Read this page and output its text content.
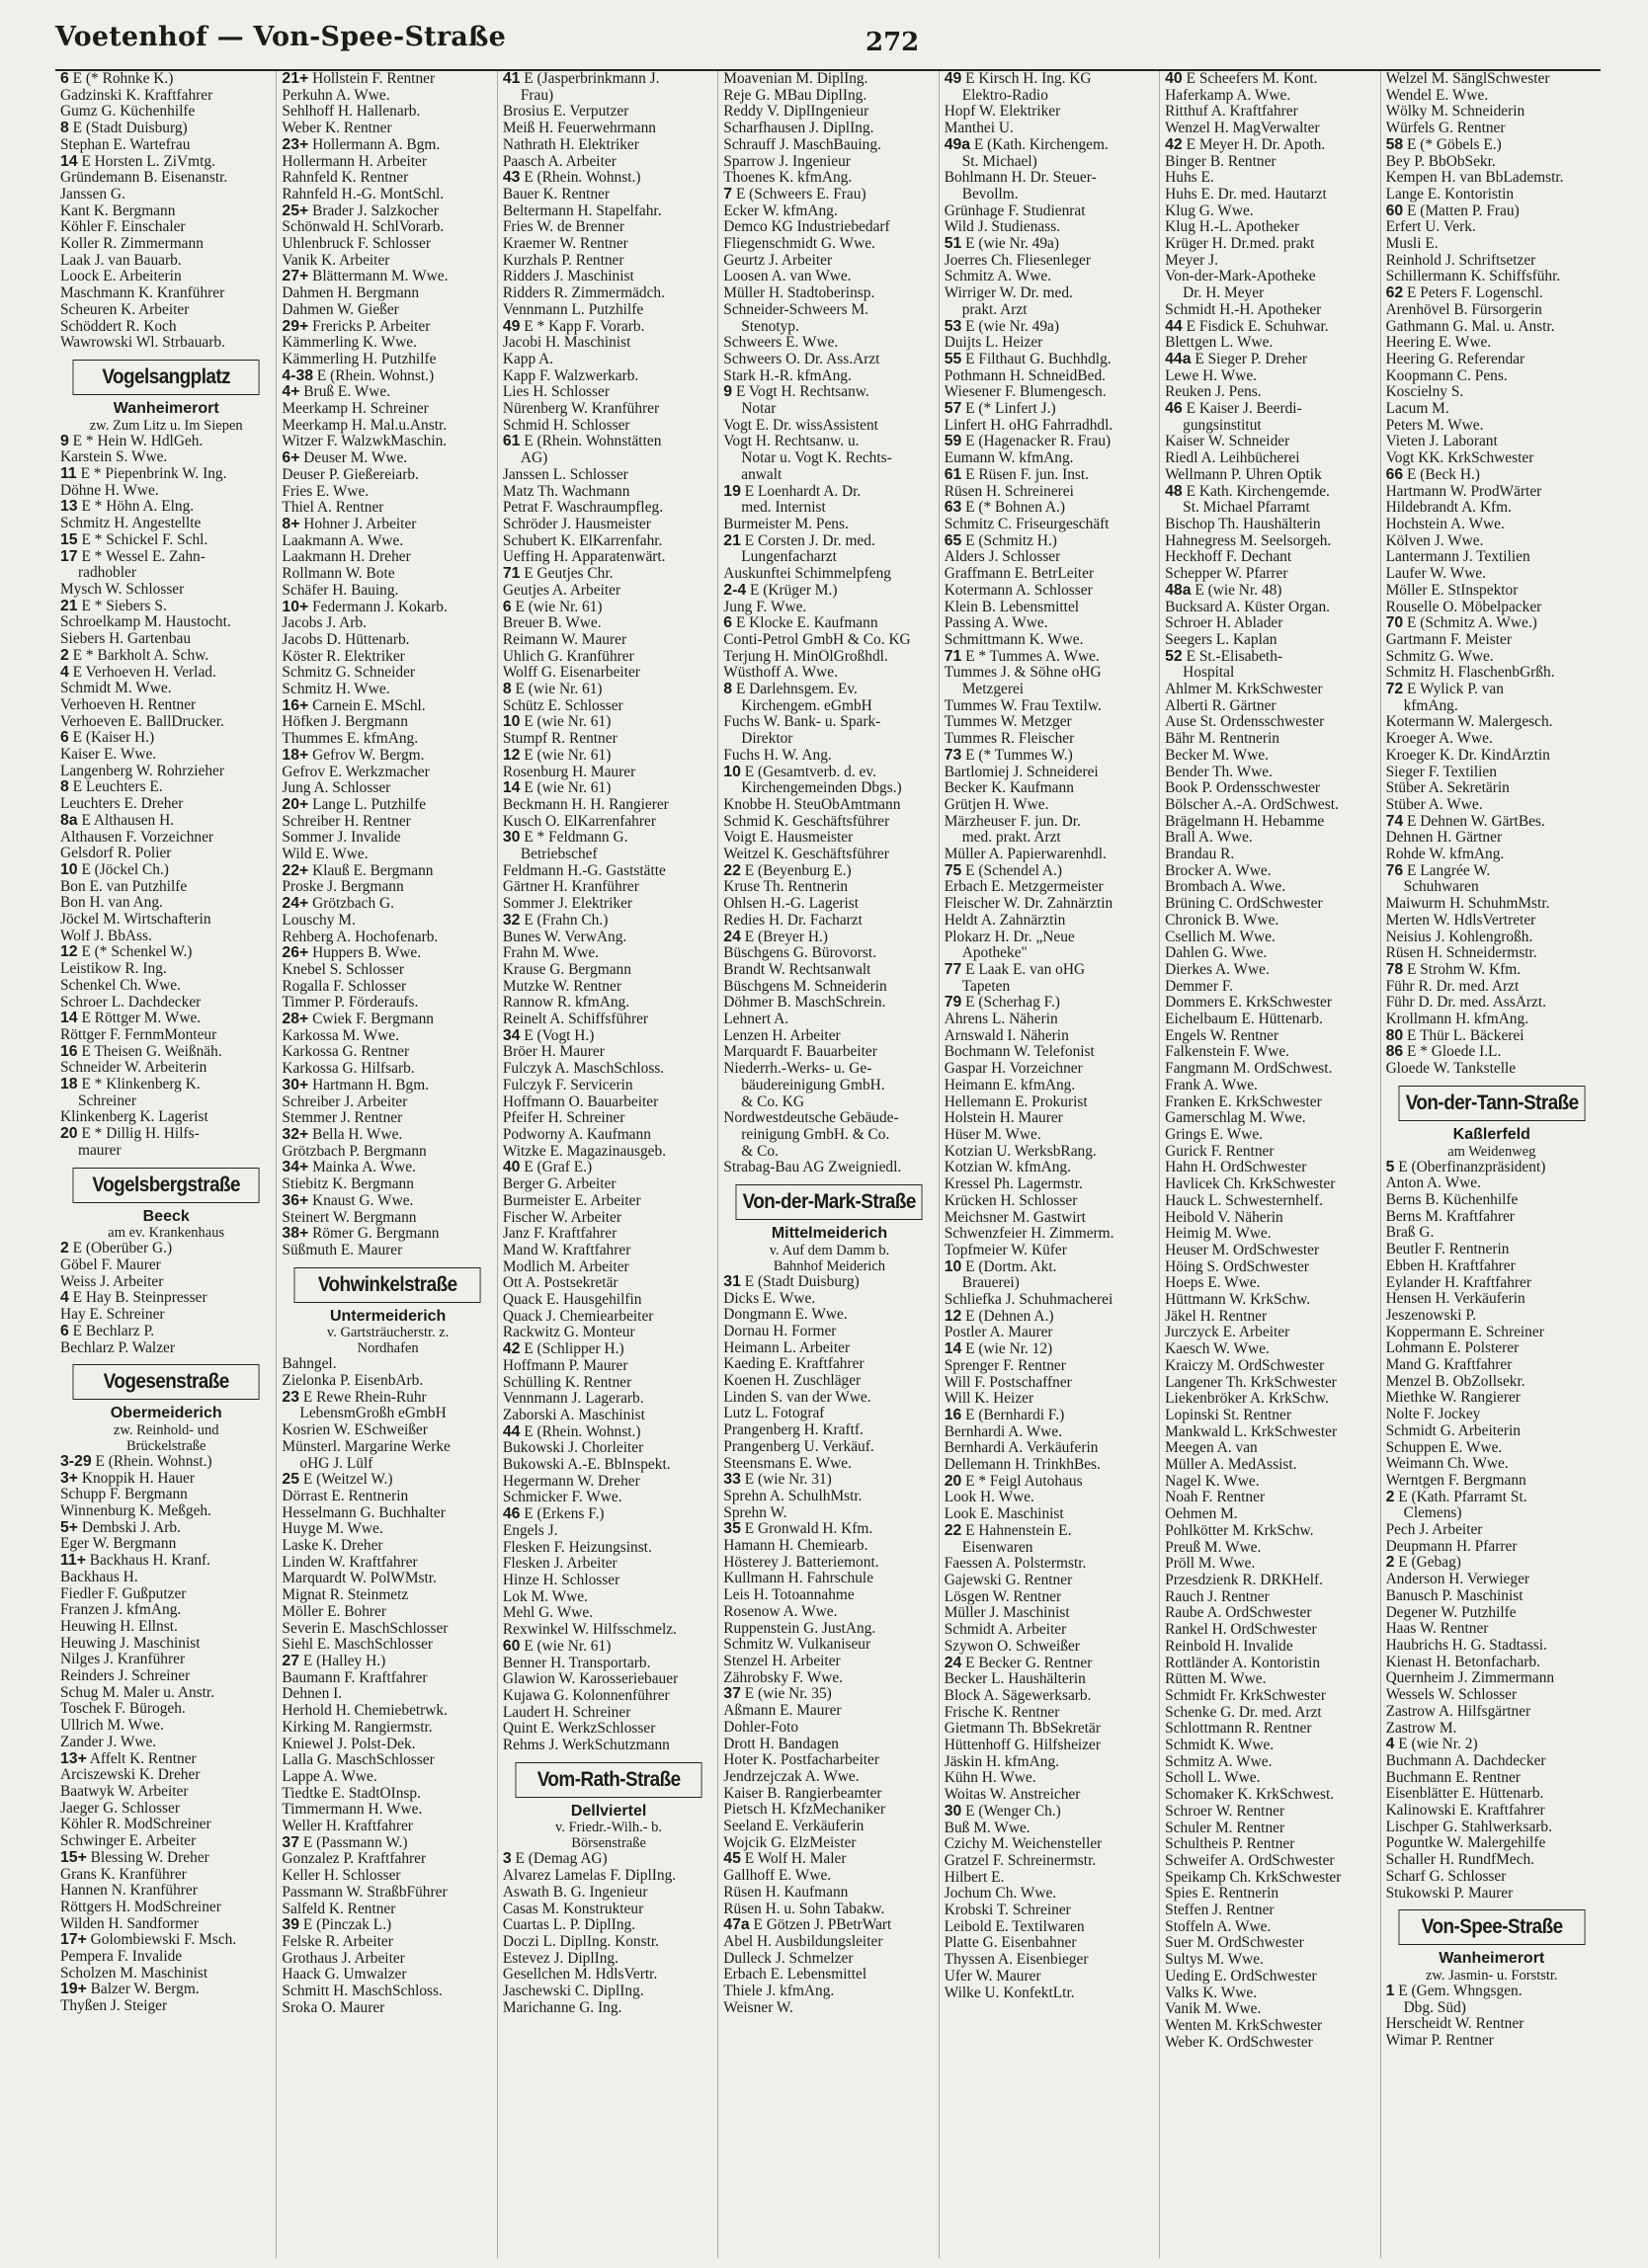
Voetenhof — Von-Spee-Straße	272
6 E (* Rohnke K.)
Gadzinski K. Kraftfahrer
Gumz G. Küchenhilfe
8 E (Stadt Duisburg)
Stephan E. Wartefrau
14 E Horsten L. ZiVmtg.
Gründemann B. Eisenanstr.
Janssen G.
Kant K. Bergmann
Köhler F. Einschaler
Koller R. Zimmermann
Laak J. van Bauarb.
Loock E. Arbeiterin
Maschmann K. Kranführer
Scheuren K. Arbeiter
Schöddert R. Koch
Wawrowski Wl. Strbauarb.
Vogelsangplatz
Wanheimerort
zw. Zum Litz u. Im Siepen
9 E * Hein W. HdlGeh.
Karstein S. Wwe.
11 E * Piepenbrink W. Ing.
Döhne H. Wwe.
13 E * Höhn A. Elng.
Schmitz H. Angestellte
15 E * Schickel F. Schl.
17 E * Wessel E. Zahn-
radhobler
Mysch W. Schlosser
21 E * Siebers S.
Schroelkamp M. Haustocht.
Siebers H. Gartenbau
2 E * Barkholt A. Schw.
4 E Verhoeven H. Verlad.
Schmidt M. Wwe.
Verhoeven H. Rentner
Verhoeven E. BallDrucker.
6 E (Kaiser H.)
Kaiser E. Wwe.
Langenberg W. Rohrzieher
8 E Leuchters E.
Leuchters E. Dreher
8a E Althausen H.
Althausen F. Vorzeichner
Gelsdorf R. Polier
10 E (Jöckel Ch.)
Bon E. van Putzhilfe
Bon H. van Ang.
Jöckel M. Wirtschafterin
Wolf J. BbAss.
12 E (* Schenkel W.)
Leistikow R. Ing.
Schenkel Ch. Wwe.
Schroer L. Dachdecker
14 E Röttger M. Wwe.
Röttger F. FernmMonteur
16 E Theisen G. Weißnäh.
Schneider W. Arbeiterin
18 E * Klinkenberg K.
Schreiner
Klinkenberg K. Lagerist
20 E * Dillig H. Hilfs-
maurer
Vogelsbergstraße
Beeck
am ev. Krankenhaus
2 E (Oberüber G.)
Göbel F. Maurer
Weiss J. Arbeiter
4 E Hay B. Steinpresser
Hay E. Schreiner
6 E Bechlarz P.
Bechlarz P. Walzer
Vogesenstraße
Obermeiderich
zw. Reinhold- und
Brückelstraße
3-29 E (Rhein. Wohnst.)
3+ Knoppik H. Hauer
Schupp F. Bergmann
Winnenburg K. Meßgeh.
5+ Dembski J. Arb.
Eger W. Bergmann
11+ Backhaus H. Kranf.
Backhaus H.
Fiedler F. Gußputzer
Franzen J. kfmAng.
Heuwing H. Ellnst.
Heuwing J. Maschinist
Nilges J. Kranführer
Reinders J. Schreiner
Schug M. Maler u. Anstr.
Toschek F. Bürogeh.
Ullrich M. Wwe.
Zander J. Wwe.
13+ Affelt K. Rentner
Arciszewski K. Dreher
Baatwyk W. Arbeiter
Jaeger G. Schlosser
Köhler R. ModSchreiner
Schwinger E. Arbeiter
15+ Blessing W. Dreher
Grans K. Kranführer
Hannen N. Kranführer
Röttgers H. ModSchreiner
Wilden H. Sandformer
17+ Golombiewski F. Msch.
Pempera F. Invalide
Scholzen M. Maschinist
19+ Balzer W. Bergm.
Thyßen J. Steiger
21+ Hollstein F. Rentner
Perkuhn A. Wwe.
Sehlhoff H. Hallenarb.
Weber K. Rentner
23+ Hollermann A. Bgm.
Hollermann H. Arbeiter
Rahnfeld K. Rentner
Rahnfeld H.-G. MontSchl.
25+ Brader J. Salzkocher
Schönwald H. SchlVorarb.
Uhlenbruck F. Schlosser
Vanik K. Arbeiter
27+ Blättermann M. Wwe.
Dahmen H. Bergmann
Dahmen W. Gießer
29+ Frericks P. Arbeiter
Kämmerling K. Wwe.
Kämmerling H. Putzhilfe
4-38 E (Rhein. Wohnst.)
4+ Bruß E. Wwe.
Meerkamp H. Schreiner
Meerkamp H. Mal.u.Anstr.
Witzer F. WalzwkMaschin.
6+ Deuser M. Wwe.
Deuser P. Gießereiarb.
Fries E. Wwe.
Thiel A. Rentner
8+ Hohner J. Arbeiter
Laakmann A. Wwe.
Laakmann H. Dreher
Rollmann W. Bote
Schäfer H. Bauing.
10+ Federmann J. Kokarb.
Jacobs J. Arb.
Jacobs D. Hüttenarb.
Köster R. Elektriker
Schmitz G. Schneider
Schmitz H. Wwe.
16+ Carnein E. MSchl.
Höfken J. Bergmann
Thummes E. kfmAng.
18+ Gefrov W. Bergm.
Gefrov E. Werkzmacher
Jung A. Schlosser
20+ Lange L. Putzhilfe
Schreiber H. Rentner
Sommer J. Invalide
Wild E. Wwe.
22+ Klauß E. Bergmann
Proske J. Bergmann
24+ Grötzbach G.
Louschy M.
Rehberg A. Hochofenarb.
26+ Huppers B. Wwe.
Knebel S. Schlosser
Rogalla F. Schlosser
Timmer P. Förderaufs.
28+ Cwiek F. Bergmann
Karkossa M. Wwe.
Karkossa G. Rentner
Karkossa G. Hilfsarb.
30+ Hartmann H. Bgm.
Schreiber J. Arbeiter
Stemmer J. Rentner
32+ Bella H. Wwe.
Grötzbach P. Bergmann
34+ Mainka A. Wwe.
Stiebitz K. Bergmann
36+ Knaust G. Wwe.
Steinert W. Bergmann
38+ Römer G. Bergmann
Süßmuth E. Maurer
Vohwinkelstraße
Untermeiderich
v. Gartsträucherstr. z.
Nordhafen
Bahngel.
Zielonka P. EisenbArb.
23 E Rewe Rhein-Ruhr
LebensmGroßh eGmbH
Kosrien W. ESchweißer
Münsterl. Margarine Werke
oHG J. Lülf
25 E (Weitzel W.)
Dörrast E. Rentnerin
Hesselmann G. Buchhalter
Huyge M. Wwe.
Laske K. Dreher
Linden W. Kraftfahrer
Marquardt W. PolWMstr.
Mignat R. Steinmetz
Möller E. Bohrer
Severin E. MaschSchlosser
Siehl E. MaschSchlosser
27 E (Halley H.)
Baumann F. Kraftfahrer
Dehnen I.
Herhold H. Chemiebetrwk.
Kirking M. Rangiermstr.
Kniewel J. Polst-Dek.
Lalla G. MaschSchlosser
Lappe A. Wwe.
Tiedtke E. StadtOInsp.
Timmermann H. Wwe.
Weller H. Kraftfahrer
37 E (Passmann W.)
Gonzalez P. Kraftfahrer
Keller H. Schlosser
Passmann W. StraßbFührer
Salfeld K. Rentner
39 E (Pinczak L.)
Felske R. Arbeiter
Grothaus J. Arbeiter
Haack G. Umwalzer
Schmitt H. MaschSchloss.
Sroka O. Maurer
41 E (Jasperbrinkmann J.
Frau)
Brosius E. Verputzer
Meiß H. Feuerwehrmann
Nathrath H. Elektriker
Paasch A. Arbeiter
43 E (Rhein. Wohnst.)
Bauer K. Rentner
Beltermann H. Stapelfahr.
Fries W. de Brenner
Kraemer W. Rentner
Kurzhals P. Rentner
Ridders J. Maschinist
Ridders R. Zimmermädch.
Vennmann L. Putzhilfe
49 E * Kapp F. Vorarb.
Jacobi H. Maschinist
Kapp A.
Kapp F. Walzwerkarb.
Lies H. Schlosser
Nürenberg W. Kranführer
Schmid H. Schlosser
61 E (Rhein. Wohnstätten
AG)
Janssen L. Schlosser
Matz Th. Wachmann
Petrat F. Waschraumpfleg.
Schröder J. Hausmeister
Schubert K. ElKarrenfahr.
Ueffing H. Apparatenwärt.
71 E Geutjes Chr.
Geutjes A. Arbeiter
6 E (wie Nr. 61)
Breuer B. Wwe.
Reimann W. Maurer
Uhlich G. Kranführer
Wolff G. Eisenarbeiter
8 E (wie Nr. 61)
Schütz E. Schlosser
10 E (wie Nr. 61)
Stumpf R. Rentner
12 E (wie Nr. 61)
Rosenburg H. Maurer
14 E (wie Nr. 61)
Beckmann H. H. Rangierer
Kusch O. ElKarrenfahrer
30 E * Feldmann G.
Betriebschef
Feldmann H.-G. Gaststätte
Gärtner H. Kranführer
Sommer J. Elektriker
32 E (Frahn Ch.)
Bunes W. VerwAng.
Frahn M. Wwe.
Krause G. Bergmann
Mutzke W. Rentner
Rannow R. kfmAng.
Reinelt A. Schiffsführer
34 E (Vogt H.)
Bröer H. Maurer
Fulczyk A. MaschSchloss.
Fulczyk F. Servicerin
Hoffmann O. Bauarbeiter
Pfeifer H. Schreiner
Podworny A. Kaufmann
Witzke E. Magazinausgeb.
40 E (Graf E.)
Berger G. Arbeiter
Burmeister E. Arbeiter
Fischer W. Arbeiter
Janz F. Kraftfahrer
Mand W. Kraftfahrer
Modlich M. Arbeiter
Ott A. Postsekretär
Quack E. Hausgehilfin
Quack J. Chemiearbeiter
Rackwitz G. Monteur
42 E (Schlipper H.)
Hoffmann P. Maurer
Schülling K. Rentner
Vennmann J. Lagerarb.
Zaborski A. Maschinist
44 E (Rhein. Wohnst.)
Bukowski J. Chorleiter
Bukowski A.-E. BbInspekt.
Hegermann W. Dreher
Schmicker F. Wwe.
46 E (Erkens F.)
Engels J.
Flesken F. Heizungsinst.
Flesken J. Arbeiter
Hinze H. Schlosser
Lok M. Wwe.
Mehl G. Wwe.
Rexwinkel W. Hilfsschmelz.
60 E (wie Nr. 61)
Benner H. Transportarb.
Glawion W. Karosseriebauer
Kujawa G. Kolonnenführer
Laudert H. Schreiner
Quint E. WerkzSchlosser
Rehms J. WerkSchutzmann
Vom-Rath-Straße
Dellviertel
v. Friedr.-Wilh.- b.
Börsenstraße
3 E (Demag AG)
Alvarez Lamelas F. DiplIng.
Aswath B. G. Ingenieur
Casas M. Konstrukteur
Cuartas L. P. DiplIng.
Doczi L. DiplIng. Konstr.
Estevez J. DiplIng.
Gesellchen M. HdlsVertr.
Jaschewski C. DiplIng.
Marichanne G. Ing.
Moavenian M. DiplIng.
Reje G. MBau DiplIng.
Reddy V. DiplIngenieur
Scharfhausen J. DiplIng.
Schrauff J. MaschBauing.
Sparrow J. Ingenieur
Thoenes K. kfmAng.
7 E (Schweers E. Frau)
Ecker W. kfmAng.
Demco KG Industriebedarf
Fliegenschmidt G. Wwe.
Geurtz J. Arbeiter
Loosen A. van Wwe.
Müller H. Stadtoberinsp.
Schneider-Schweers M.
Stenotyp.
Schweers E. Wwe.
Schweers O. Dr. Ass.Arzt
Stark H.-R. kfmAng.
9 E Vogt H. Rechtsanw.
Notar
Vogt E. Dr. wissAssistent
Vogt H. Rechtsanw. u.
Notar u. Vogt K. Rechts-
anwalt
19 E Loenhardt A. Dr.
med. Internist
Burmeister M. Pens.
21 E Corsten J. Dr. med.
Lungenfacharzt
Auskunftei Schimmelpfeng
2-4 E (Krüger M.)
Jung F. Wwe.
6 E Klocke E. Kaufmann
Conti-Petrol GmbH & Co. KG
Terjung H. MinÖlGroßhdl.
Wüsthoff A. Wwe.
8 E Darlehnsgem. Ev.
Kirchengem. eGmbH
Fuchs W. Bank- u. Spark-
Direktor
Fuchs H. W. Ang.
10 E (Gesamtverb. d. ev.
Kirchengemeinden Dbgs.)
Knobbe H. SteuObAmtmann
Schmid K. Geschäftsführer
Voigt E. Hausmeister
Weitzel K. Geschäftsführer
22 E (Beyenburg E.)
Kruse Th. Rentnerin
Ohlsen H.-G. Lagerist
Redies H. Dr. Facharzt
24 E (Breyer H.)
Büschgens G. Bürovorst.
Brandt W. Rechtsanwalt
Büschgens M. Schneiderin
Döhmer B. MaschSchrein.
Lehnert A.
Lenzen H. Arbeiter
Marquardt F. Bauarbeiter
Niederrh.-Werks- u. Ge-
bäudereinigung GmbH.
& Co. KG
Nordwestdeutsche Gebäude-
reinigung GmbH. & Co.
& Co.
Strabag-Bau AG Zweigniedl.
Von-der-Mark-Straße
Mittelmeiderich
v. Auf dem Damm b.
Bahnhof Meiderich
31 E (Stadt Duisburg)
Dicks E. Wwe.
Dongmann E. Wwe.
Dornau H. Former
Heimann L. Arbeiter
Kaeding E. Kraftfahrer
Koenen H. Zuschläger
Linden S. van der Wwe.
Lutz L. Fotograf
Prangenberg H. Kraftf.
Prangenberg U. Verkäuf.
Steensmans E. Wwe.
33 E (wie Nr. 31)
Sprehn A. SchulhMstr.
Sprehn W.
35 E Gronwald H. Kfm.
Hamann H. Chemiearb.
Hösterey J. Batteriemont.
Kullmann H. Fahrschule
Leis H. Totoannahme
Rosenow A. Wwe.
Ruppenstein G. JustAng.
Schmitz W. Vulkaniseur
Stenzel H. Arbeiter
Zährobsky F. Wwe.
37 E (wie Nr. 35)
Aßmann E. Maurer
Dohler-Foto
Drott H. Bandagen
Hoter K. Postfacharbeiter
Jendrzejczak A. Wwe.
Kaiser B. Rangierbeamter
Pietsch H. KfzMechaniker
Seeland E. Verkäuferin
Wojcik G. ElzMeister
45 E Wolf H. Maler
Gallhoff E. Wwe.
Rüsen H. Kaufmann
Rüsen H. u. Sohn Tabakw.
47a E Götzen J. PBetrWart
Abel H. Ausbildungsleiter
Dulleck J. Schmelzer
Erbach E. Lebensmittel
Thiele J. kfmAng.
Weisner W.
49 E Kirsch H. Ing. KG
Elektro-Radio
Hopf W. Elektriker
Manthei U.
49a E (Kath. Kirchengem.
St. Michael)
Bohlmann H. Dr. Steuer-
Bevollm.
Grünhage F. Studienrat
Wild J. Studienass.
51 E (wie Nr. 49a)
Joerres Ch. Fliesenleger
Schmitz A. Wwe.
Wirriger W. Dr. med.
prakt. Arzt
53 E (wie Nr. 49a)
Duijts L. Heizer
55 E Filthaut G. Buchhdlg.
Pothmann H. SchneidBed.
Wiesener F. Blumengesch.
57 E (* Linfert J.)
Linfert H. oHG Fahrradhdl.
59 E (Hagenacker R. Frau)
Eumann W. kfmAng.
61 E Rüsen F. jun. Inst.
Rüsen H. Schreinerei
63 E (* Bohnen A.)
Schmitz C. Friseurgeschäft
65 E (Schmitz H.)
Alders J. Schlosser
Graffmann E. BetrLeiter
Kotermann A. Schlosser
Klein B. Lebensmittel
Passing A. Wwe.
Schmittmann K. Wwe.
71 E * Tummes A. Wwe.
Tummes J. & Söhne oHG
Metzgerei
Tummes W. Frau Textilw.
Tummes W. Metzger
Tummes R. Fleischer
73 E (* Tummes W.)
Bartlomiej J. Schneiderei
Becker K. Kaufmann
Grütjen H. Wwe.
Märzheuser F. jun. Dr.
med. prakt. Arzt
Müller A. Papierwarenhdl.
75 E (Schendel A.)
Erbach E. Metzgermeister
Fleischer W. Dr. Zahnärztin
Heldt A. Zahnärztin
Plokarz H. Dr. „Neue
Apotheke"
77 E Laak E. van oHG
Tapeten
79 E (Scherhag F.)
Ahrens L. Näherin
Arnswald I. Näherin
Bochmann W. Telefonist
Gaspar H. Vorzeichner
Heimann E. kfmAng.
Hellemann E. Prokurist
Holstein H. Maurer
Hüser M. Wwe.
Kotzian U. WerksbRang.
Kotzian W. kfmAng.
Kressel Ph. Lagermstr.
Krücken H. Schlosser
Meichsner M. Gastwirt
Schwenzfeier H. Zimmerm.
Topfmeier W. Küfer
10 E (Dortm. Akt.
Brauerei)
Schliefka J. Schuhmacherei
12 E (Dehnen A.)
Postler A. Maurer
14 E (wie Nr. 12)
Sprenger F. Rentner
Will F. Postschaffner
Will K. Heizer
16 E (Bernhardi F.)
Bernhardi A. Wwe.
Bernhardi A. Verkäuferin
Dellemann H. TrinkhBes.
20 E * Feigl Autohaus
Look H. Wwe.
Look E. Maschinist
22 E Hahnenstein E.
Eisenwaren
Faessen A. Polstermstr.
Gajewski G. Rentner
Lösgen W. Rentner
Müller J. Maschinist
Schmidt A. Arbeiter
Szywon O. Schweißer
24 E Becker G. Rentner
Becker L. Haushälterin
Block A. Sägewerksarb.
Frische K. Rentner
Gietmann Th. BbSekretär
Hüttenhoff G. Hilfsheizer
Jäskin H. kfmAng.
Kühn H. Wwe.
Woitas W. Anstreicher
30 E (Wenger Ch.)
Buß M. Wwe.
Czichy M. Weichensteller
Gratzel F. Schreinermstr.
Hilbert E.
Jochum Ch. Wwe.
Krobski T. Schreiner
Leibold E. Textilwaren
Platte G. Eisenbahner
Thyssen A. Eisenbieger
Ufer W. Maurer
Wilke U. KonfektLtr.
40 E Scheefers M. Kont.
Haferkamp A. Wwe.
Ritthuf A. Kraftfahrer
Wenzel H. MagVerwalter
42 E Meyer H. Dr. Apoth.
Binger B. Rentner
Huhs E.
Huhs E. Dr. med. Hautarzt
Klug G. Wwe.
Klug H.-L. Apotheker
Krüger H. Dr.med. prakt
Meyer J.
Von-der-Mark-Apotheke
Dr. H. Meyer
Schmidt H.-H. Apotheker
44 E Fisdick E. Schuhwar.
Blettgen L. Wwe.
44a E Sieger P. Dreher
Lewe H. Wwe.
Reuken J. Pens.
46 E Kaiser J. Beerdi-
gungsinstitut
Kaiser W. Schneider
Riedl A. Leihbücherei
Wellmann P. Uhren Optik
48 E Kath. Kirchengemde.
St. Michael Pfarramt
Bischop Th. Haushälterin
Hahnegress M. Seelsorgeh.
Heckhoff F. Dechant
Schepper W. Pfarrer
48a E (wie Nr. 48)
Bucksard A. Küster Organ.
Schroer H. Ablader
Seegers L. Kaplan
52 E St.-Elisabeth-
Hospital
Ahlmer M. KrkSchwester
Alberti R. Gärtner
Ause St. Ordensschwester
Bähr M. Rentnerin
Becker M. Wwe.
Bender Th. Wwe.
Book P. Ordensschwester
Bölscher A.-A. OrdSchwest.
Brägelmann H. Hebamme
Brall A. Wwe.
Brandau R.
Brocker A. Wwe.
Brombach A. Wwe.
Brüning C. OrdSchwester
Chronick B. Wwe.
Csellich M. Wwe.
Dahlen G. Wwe.
Dierkes A. Wwe.
Demmer F.
Dommers E. KrkSchwester
Eichelbaum E. Hüttenarb.
Engels W. Rentner
Falkenstein F. Wwe.
Fangmann M. OrdSchwest.
Frank A. Wwe.
Franken E. KrkSchwester
Gamerschlag M. Wwe.
Grings E. Wwe.
Gurick F. Rentner
Hahn H. OrdSchwester
Havlicek Ch. KrkSchwester
Hauck L. Schwesternhelf.
Heibold V. Näherin
Heimig M. Wwe.
Heuser M. OrdSchwester
Höing S. OrdSchwester
Hoeps E. Wwe.
Hüttmann W. KrkSchw.
Jäkel H. Rentner
Jurczyck E. Arbeiter
Kaesch W. Wwe.
Kraiczy M. OrdSchwester
Langener Th. KrkSchwester
Liekenbröker A. KrkSchw.
Lopinski St. Rentner
Mankwald L. KrkSchwester
Meegen A. van
Müller A. MedAssist.
Nagel K. Wwe.
Noah F. Rentner
Oehmen M.
Pohlkötter M. KrkSchw.
Preuß M. Wwe.
Pröll M. Wwe.
Przesdzienk R. DRKHelf.
Rauch J. Rentner
Raube A. OrdSchwester
Rankel H. OrdSchwester
Reinbold H. Invalide
Rottländer A. Kontoristin
Rütten M. Wwe.
Schmidt Fr. KrkSchwester
Schenke G. Dr. med. Arzt
Schlottmann R. Rentner
Schmidt K. Wwe.
Schmitz A. Wwe.
Scholl L. Wwe.
Schomaker K. KrkSchwest.
Schroer W. Rentner
Schuler M. Rentner
Schultheis P. Rentner
Schweifer A. OrdSchwester
Speikamp Ch. KrkSchwester
Spies E. Rentnerin
Steffen J. Rentner
Stoffeln A. Wwe.
Suer M. OrdSchwester
Sultys M. Wwe.
Ueding E. OrdSchwester
Valks K. Wwe.
Vanik M. Wwe.
Wenten M. KrkSchwester
Weber K. OrdSchwester
Welzel M. SänglSchwester
Wendel E. Wwe.
Wölky M. Schneiderin
Würfels G. Rentner
58 E (* Göbels E.)
Bey P. BbObSekr.
Kempen H. van BbLademstr.
Lange E. Kontoristin
60 E (Matten P. Frau)
Erfert U. Verk.
Musli E.
Reinhold J. Schriftsetzer
Schillermann K. Schiffsführ.
62 E Peters F. Logenschl.
Arenhövel B. Fürsorgerin
Gathmann G. Mal. u. Anstr.
Heering E. Wwe.
Heering G. Referendar
Koopmann C. Pens.
Koscielny S.
Lacum M.
Peters M. Wwe.
Vieten J. Laborant
Vogt KK. KrkSchwester
66 E (Beck H.)
Hartmann W. ProdWärter
Hildebrandt A. Kfm.
Hochstein A. Wwe.
Kölven J. Wwe.
Lantermann J. Textilien
Laufer W. Wwe.
Möller E. StInspektor
Rouselle O. Möbelpacker
70 E (Schmitz A. Wwe.)
Gartmann F. Meister
Schmitz G. Wwe.
Schmitz H. FlaschenbGrßh.
72 E Wylick P. van
kfmAng.
Kotermann W. Malergesch.
Kroeger A. Wwe.
Kroeger K. Dr. KindÄrztin
Sieger F. Textilien
Stüber A. Sekretärin
Stüber A. Wwe.
74 E Dehnen W. GärtBes.
Dehnen H. Gärtner
Rohde W. kfmAng.
76 E Langrée W.
Schuhwaren
Maiwurm H. SchuhmMstr.
Merten W. HdlsVertreter
Neisius J. Kohlengroßh.
Rüsen H. Schneidermstr.
78 E Strohm W. Kfm.
Führ R. Dr. med. Arzt
Führ D. Dr. med. AssÄrzt.
Krollmann H. kfmAng.
80 E Thür L. Bäckerei
86 E * Gloede I.L.
Gloede W. Tankstelle
Von-der-Tann-Straße
Kaßlerfeld
am Weidenweg
5 E (Oberfinanzpräsident)
Anton A. Wwe.
Berns B. Küchenhilfe
Berns M. Kraftfahrer
Braß G.
Beutler F. Rentnerin
Ebben H. Kraftfahrer
Eylander H. Kraftfahrer
Hensen H. Verkäuferin
Jeszenowski P.
Koppermann E. Schreiner
Lohmann E. Polsterer
Mand G. Kraftfahrer
Menzel B. ObZollsekr.
Miethke W. Rangierer
Nolte F. Jockey
Schmidt G. Arbeiterin
Schuppen E. Wwe.
Weimann Ch. Wwe.
Werntgen F. Bergmann
2 E (Kath. Pfarramt St.
Clemens)
Pech J. Arbeiter
Deupmann H. Pfarrer
2 E (Gebag)
Anderson H. Verwieger
Banusch P. Maschinist
Degener W. Putzhilfe
Haas W. Rentner
Haubrichs H. G. Stadtassi.
Kienast H. Betonfacharb.
Quernheim J. Zimmermann
Wessels W. Schlosser
Zastrow A. Hilfsgärtner
Zastrow M.
4 E (wie Nr. 2)
Buchmann A. Dachdecker
Buchmann E. Rentner
Eisenblätter E. Hüttenarb.
Kalinowski E. Kraftfahrer
Lischper G. Stahlwerksarb.
Poguntke W. Malergehilfe
Schaller H. RundfMech.
Scharf G. Schlosser
Stukowski P. Maurer
Von-Spee-Straße
Wanheimerort
zw. Jasmin- u. Forststr.
1 E (Gem. Whngsgen.
Dbg. Süd)
Herscheidt W. Rentner
Wimar P. Rentner
